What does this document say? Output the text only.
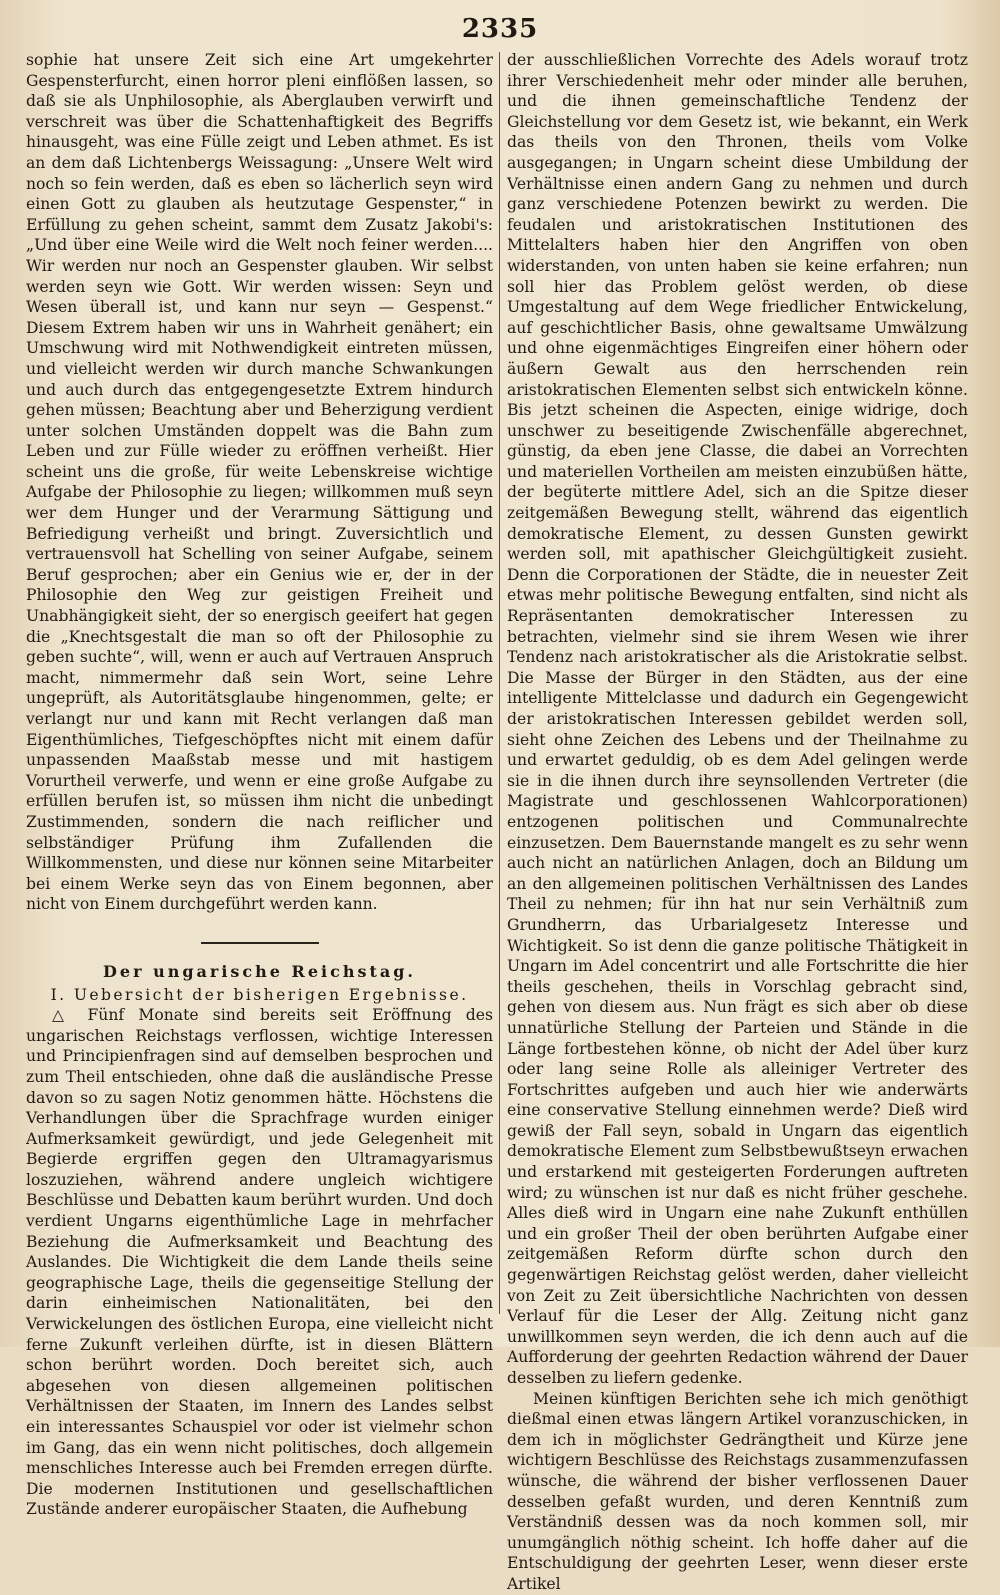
2335

sophie hat unsere Zeit sich eine Art umgekehrter Gespensterfurcht, einen horror pleni einflößen lassen, so daß sie als Unphilosophie, als Aberglauben verwirft und verschreit was über die Schattenhaftigkeit des Begriffs hinausgeht, was eine Fülle zeigt und Leben athmet. Es ist an dem daß Lichtenbergs Weissagung: „Unsere Welt wird noch so fein werden, daß es eben so lächerlich seyn wird einen Gott zu glauben als heutzutage Gespenster,“ in Erfüllung zu gehen scheint, sammt dem Zusatz Jakobi's: „Und über eine Weile wird die Welt noch feiner werden.... Wir werden nur noch an Gespenster glauben. Wir selbst werden seyn wie Gott. Wir werden wissen: Seyn und Wesen überall ist, und kann nur seyn — Gespenst.“ Diesem Extrem haben wir uns in Wahrheit genähert; ein Umschwung wird mit Nothwendigkeit eintreten müssen, und vielleicht werden wir durch manche Schwankungen und auch durch das entgegengesetzte Extrem hindurch gehen müssen; Beachtung aber und Beherzigung verdient unter solchen Umständen doppelt was die Bahn zum Leben und zur Fülle wieder zu eröffnen verheißt. Hier scheint uns die große, für weite Lebenskreise wichtige Aufgabe der Philosophie zu liegen; willkommen muß seyn wer dem Hunger und der Verarmung Sättigung und Befriedigung verheißt und bringt. Zuversichtlich und vertrauensvoll hat Schelling von seiner Aufgabe, seinem Beruf gesprochen; aber ein Genius wie er, der in der Philosophie den Weg zur geistigen Freiheit und Unabhängigkeit sieht, der so energisch geeifert hat gegen die „Knechtsgestalt die man so oft der Philosophie zu geben suchte“, will, wenn er auch auf Vertrauen Anspruch macht, nimmermehr daß sein Wort, seine Lehre ungeprüft, als Autoritätsglaube hingenommen, gelte; er verlangt nur und kann mit Recht verlangen daß man Eigenthümliches, Tiefgeschöpftes nicht mit einem dafür unpassenden Maaßstab messe und mit hastigem Vorurtheil verwerfe, und wenn er eine große Aufgabe zu erfüllen berufen ist, so müssen ihm nicht die unbedingt Zustimmenden, sondern die nach reiflicher und selbständiger Prüfung ihm Zufallenden die Willkommensten, und diese nur können seine Mitarbeiter bei einem Werke seyn das von Einem begonnen, aber nicht von Einem durchgeführt werden kann.

Der ungarische Reichstag.
I. Uebersicht der bisherigen Ergebnisse.

△ Fünf Monate sind bereits seit Eröffnung des ungarischen Reichstags verflossen, wichtige Interessen und Principienfragen sind auf demselben besprochen und zum Theil entschieden, ohne daß die ausländische Presse davon so zu sagen Notiz genommen hätte. Höchstens die Verhandlungen über die Sprachfrage wurden einiger Aufmerksamkeit gewürdigt, und jede Gelegenheit mit Begierde ergriffen gegen den Ultramagyarismus loszuziehen, während andere ungleich wichtigere Beschlüsse und Debatten kaum berührt wurden. Und doch verdient Ungarns eigenthümliche Lage in mehrfacher Beziehung die Aufmerksamkeit und Beachtung des Auslandes. Die Wichtigkeit die dem Lande theils seine geographische Lage, theils die gegenseitige Stellung der darin einheimischen Nationalitäten, bei den Verwickelungen des östlichen Europa, eine vielleicht nicht ferne Zukunft verleihen dürfte, ist in diesen Blättern schon berührt worden. Doch bereitet sich, auch abgesehen von diesen allgemeinen politischen Verhältnissen der Staaten, im Innern des Landes selbst ein interessantes Schauspiel vor oder ist vielmehr schon im Gang, das ein wenn nicht politisches, doch allgemein menschliches Interesse auch bei Fremden erregen dürfte. Die modernen Institutionen und gesellschaftlichen Zustände anderer europäischer Staaten, die Aufhebung

der ausschließlichen Vorrechte des Adels worauf trotz ihrer Verschiedenheit mehr oder minder alle beruhen, und die ihnen gemeinschaftliche Tendenz der Gleichstellung vor dem Gesetz ist, wie bekannt, ein Werk das theils von den Thronen, theils vom Volke ausgegangen; in Ungarn scheint diese Umbildung der Verhältnisse einen andern Gang zu nehmen und durch ganz verschiedene Potenzen bewirkt zu werden. Die feudalen und aristokratischen Institutionen des Mittelalters haben hier den Angriffen von oben widerstanden, von unten haben sie keine erfahren; nun soll hier das Problem gelöst werden, ob diese Umgestaltung auf dem Wege friedlicher Entwickelung, auf geschichtlicher Basis, ohne gewaltsame Umwälzung und ohne eigenmächtiges Eingreifen einer höhern oder äußern Gewalt aus den herrschenden rein aristokratischen Elementen selbst sich entwickeln könne. Bis jetzt scheinen die Aspecten, einige widrige, doch unschwer zu beseitigende Zwischenfälle abgerechnet, günstig, da eben jene Classe, die dabei an Vorrechten und materiellen Vortheilen am meisten einzubüßen hätte, der begüterte mittlere Adel, sich an die Spitze dieser zeitgemäßen Bewegung stellt, während das eigentlich demokratische Element, zu dessen Gunsten gewirkt werden soll, mit apathischer Gleichgültigkeit zusieht. Denn die Corporationen der Städte, die in neuester Zeit etwas mehr politische Bewegung entfalten, sind nicht als Repräsentanten demokratischer Interessen zu betrachten, vielmehr sind sie ihrem Wesen wie ihrer Tendenz nach aristokratischer als die Aristokratie selbst. Die Masse der Bürger in den Städten, aus der eine intelligente Mittelclasse und dadurch ein Gegengewicht der aristokratischen Interessen gebildet werden soll, sieht ohne Zeichen des Lebens und der Theilnahme zu und erwartet geduldig, ob es dem Adel gelingen werde sie in die ihnen durch ihre seynsollenden Vertreter (die Magistrate und geschlossenen Wahlcorporationen) entzogenen politischen und Communalrechte einzusetzen. Dem Bauernstande mangelt es zu sehr wenn auch nicht an natürlichen Anlagen, doch an Bildung um an den allgemeinen politischen Verhältnissen des Landes Theil zu nehmen; für ihn hat nur sein Verhältniß zum Grundherrn, das Urbarialgesetz Interesse und Wichtigkeit. So ist denn die ganze politische Thätigkeit in Ungarn im Adel concentrirt und alle Fortschritte die hier theils geschehen, theils in Vorschlag gebracht sind, gehen von diesem aus. Nun frägt es sich aber ob diese unnatürliche Stellung der Parteien und Stände in die Länge fortbestehen könne, ob nicht der Adel über kurz oder lang seine Rolle als alleiniger Vertreter des Fortschrittes aufgeben und auch hier wie anderwärts eine conservative Stellung einnehmen werde? Dieß wird gewiß der Fall seyn, sobald in Ungarn das eigentlich demokratische Element zum Selbstbewußtseyn erwachen und erstarkend mit gesteigerten Forderungen auftreten wird; zu wünschen ist nur daß es nicht früher geschehe. Alles dieß wird in Ungarn eine nahe Zukunft enthüllen und ein großer Theil der oben berührten Aufgabe einer zeitgemäßen Reform dürfte schon durch den gegenwärtigen Reichstag gelöst werden, daher vielleicht von Zeit zu Zeit übersichtliche Nachrichten von dessen Verlauf für die Leser der Allg. Zeitung nicht ganz unwillkommen seyn werden, die ich denn auch auf die Aufforderung der geehrten Redaction während der Dauer desselben zu liefern gedenke.

Meinen künftigen Berichten sehe ich mich genöthigt dießmal einen etwas längern Artikel voranzuschicken, in dem ich in möglichster Gedrängtheit und Kürze jene wichtigern Beschlüsse des Reichstags zusammenzufassen wünsche, die während der bisher verflossenen Dauer desselben gefaßt wurden, und deren Kenntniß zum Verständniß dessen was da noch kommen soll, mir unumgänglich nöthig scheint. Ich hoffe daher auf die Entschuldigung der geehrten Leser, wenn dieser erste Artikel
